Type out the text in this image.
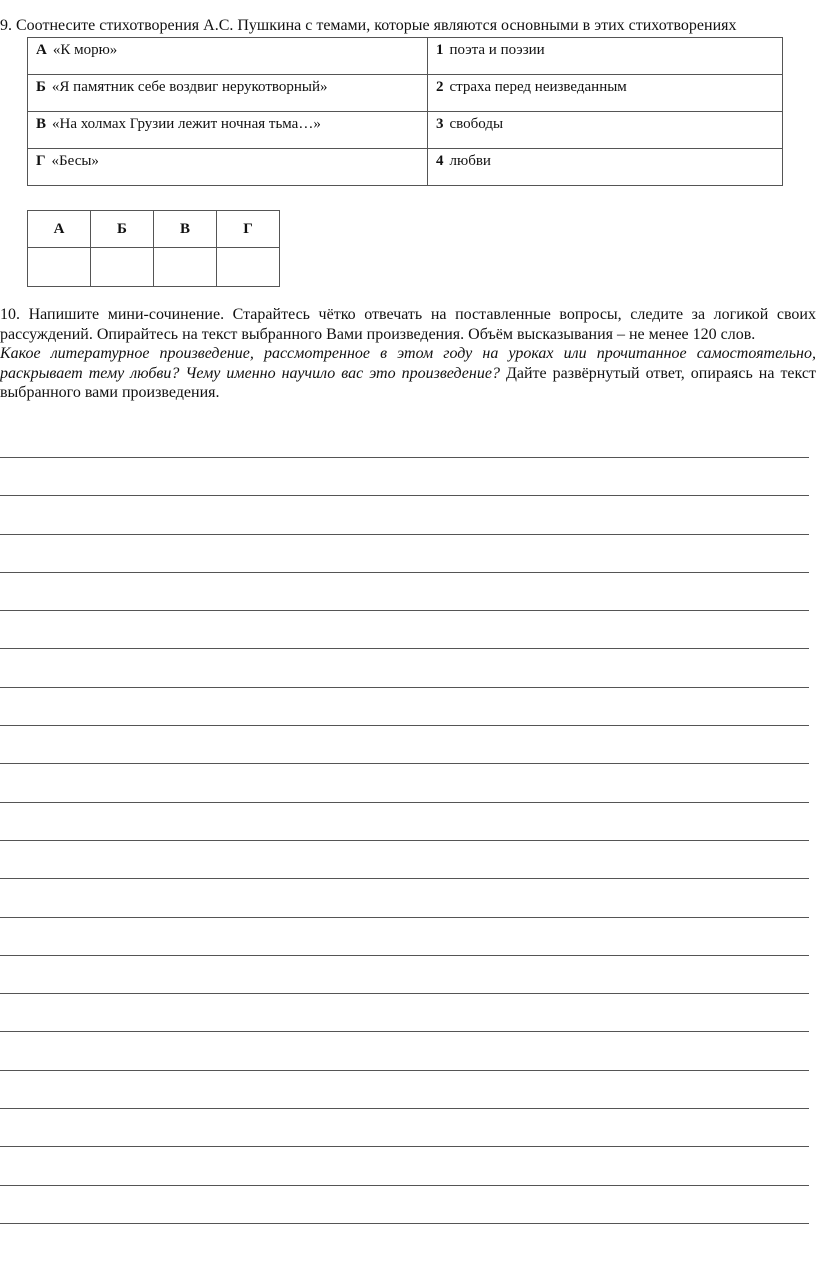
9. Соотнесите стихотворения А.С. Пушкина с темами, которые являются основными в этих стихотворениях
А «К морю»	1 поэта и поэзии
Б «Я памятник себе воздвиг нерукотворный»	2 страха перед неизведанным
В «На холмах Грузии лежит ночная тьма…»	3 свободы
Г «Бесы»	4 любви
А	Б	В	Г

10. Напишите мини-сочинение. Старайтесь чётко отвечать на поставленные вопросы, следите за логикой своих рассуждений. Опирайтесь на текст выбранного Вами произведения. Объём высказывания – не менее 120 слов.

Какое литературное произведение, рассмотренное в этом году на уроках или прочитанное самостоятельно, раскрывает тему любви? Чему именно научило вас это произведение? Дайте развёрнутый ответ, опираясь на текст выбранного вами произведения.
